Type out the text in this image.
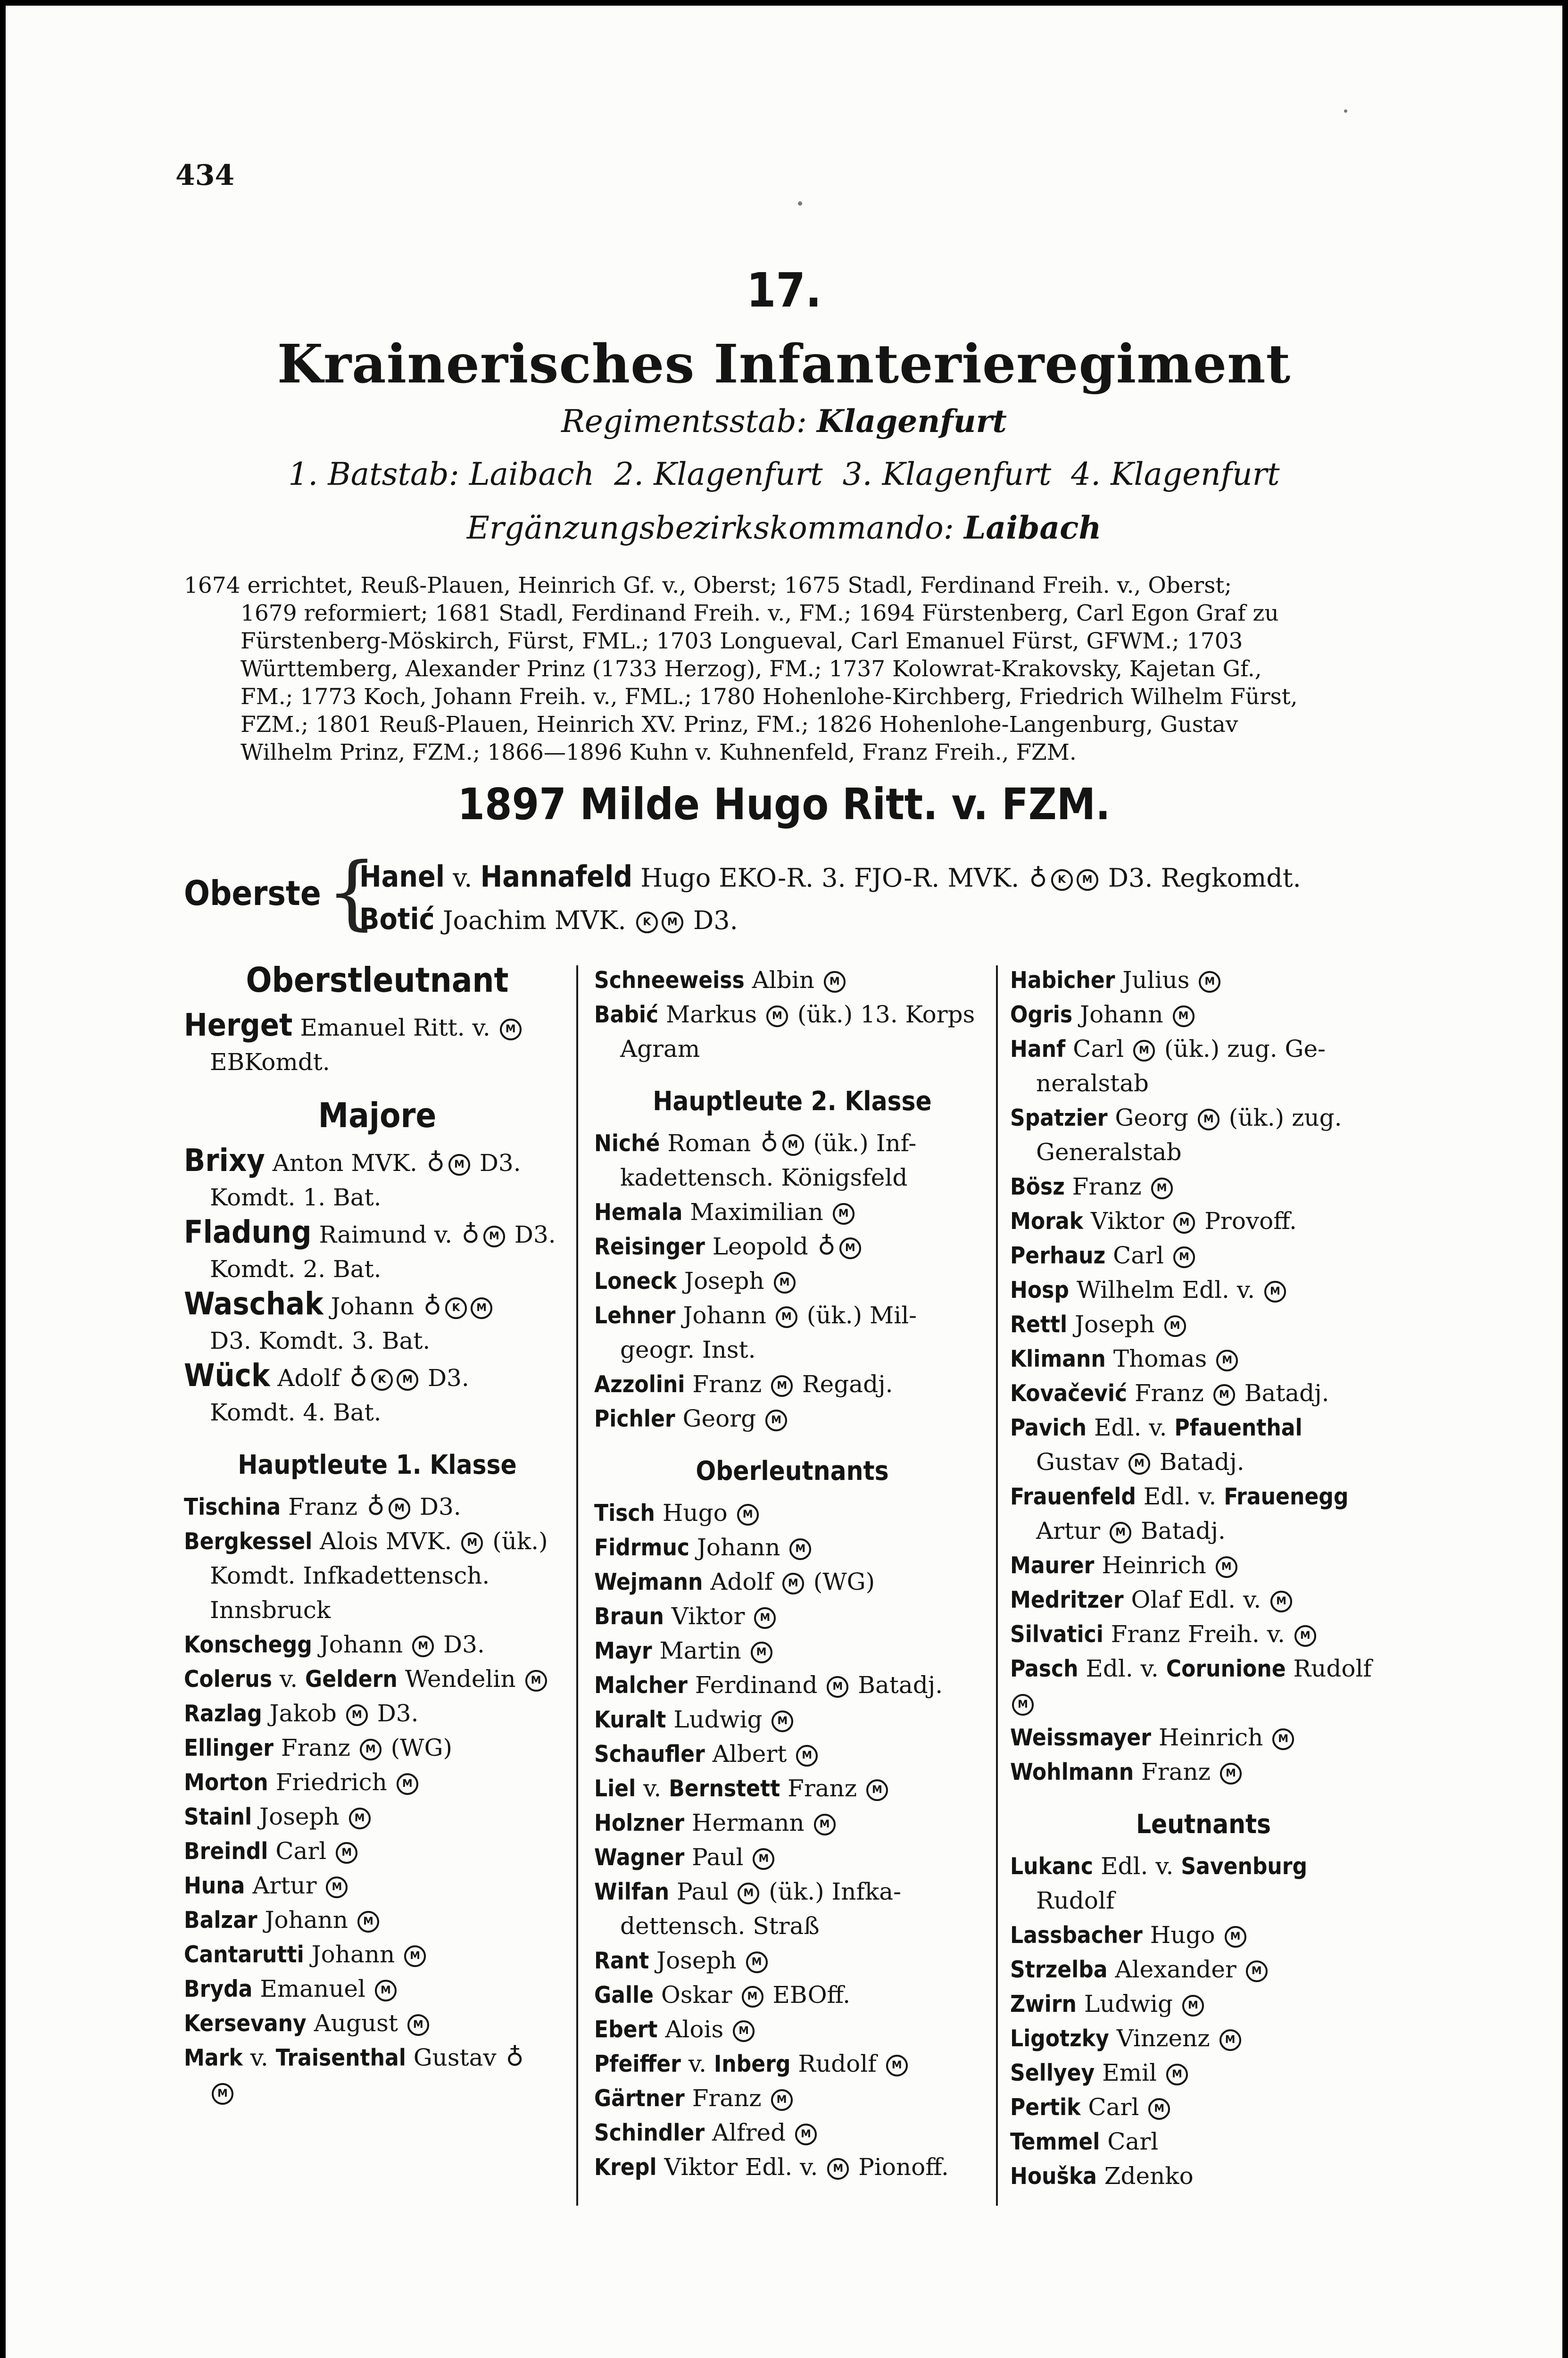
434
17.
Krainerisches Infanterieregiment
Regimentsstab: Klagenfurt
1. Batstab: Laibach  2. Klagenfurt  3. Klagenfurt  4. Klagenfurt
Ergänzungsbezirkskommando: Laibach
1674 errichtet, Reuß-Plauen, Heinrich Gf. v., Oberst; 1675 Stadl, Ferdinand Freih. v., Oberst;
1679 reformiert; 1681 Stadl, Ferdinand Freih. v., FM.; 1694 Fürstenberg, Carl Egon Graf zu
Fürstenberg-Möskirch, Fürst, FML.; 1703 Longueval, Carl Emanuel Fürst, GFWM.; 1703
Württemberg, Alexander Prinz (1733 Herzog), FM.; 1737 Kolowrat-Krakovsky, Kajetan Gf.,
FM.; 1773 Koch, Johann Freih. v., FML.; 1780 Hohenlohe-Kirchberg, Friedrich Wilhelm Fürst,
FZM.; 1801 Reuß-Plauen, Heinrich XV. Prinz, FM.; 1826 Hohenlohe-Langenburg, Gustav
Wilhelm Prinz, FZM.; 1866—1896 Kuhn v. Kuhnenfeld, Franz Freih., FZM.
1897 Milde Hugo Ritt. v. FZM.
Oberste {
Hanel v. Hannafeld Hugo EKO-R. 3. FJO-R. MVK. ♁ K M D3. Regkomdt.
Botić Joachim MVK. K M D3.
Oberstleutnant
Herget Emanuel Ritt. v. M
EBKomdt.
Majore
Brixy Anton MVK. ♁ M D3.
Komdt. 1. Bat.
Fladung Raimund v. ♁ M D3.
Komdt. 2. Bat.
Waschak Johann ♁ K M
D3. Komdt. 3. Bat.
Wück Adolf ♁ K M D3.
Komdt. 4. Bat.
Hauptleute 1. Klasse
Tischina Franz ♁ M D3.
Bergkessel Alois MVK. M (ük.)
Komdt. Infkadettensch. Innsbruck
Konschegg Johann M D3.
Colerus v. Geldern Wendelin M
Razlag Jakob M D3.
Ellinger Franz M (WG)
Morton Friedrich M
Stainl Joseph M
Breindl Carl M
Huna Artur M
Balzar Johann M
Cantarutti Johann M
Bryda Emanuel M
Kersevany August M
Mark v. Traisenthal Gustav ♁
M
Schneeweiss Albin M
Babić Markus M (ük.) 13. Korps
Agram
Hauptleute 2. Klasse
Niché Roman ♁ M (ük.) Inf-
kadettensch. Königsfeld
Hemala Maximilian M
Reisinger Leopold ♁ M
Loneck Joseph M
Lehner Johann M (ük.) Mil-
geogr. Inst.
Azzolini Franz M Regadj.
Pichler Georg M
Oberleutnants
Tisch Hugo M
Fidrmuc Johann M
Wejmann Adolf M (WG)
Braun Viktor M
Mayr Martin M
Malcher Ferdinand M Batadj.
Kuralt Ludwig M
Schaufler Albert M
Liel v. Bernstett Franz M
Holzner Hermann M
Wagner Paul M
Wilfan Paul M (ük.) Infka-
dettensch. Straß
Rant Joseph M
Galle Oskar M EBOff.
Ebert Alois M
Pfeiffer v. Inberg Rudolf M
Gärtner Franz M
Schindler Alfred M
Krepl Viktor Edl. v. M Pionoff.
Habicher Julius M
Ogris Johann M
Hanf Carl M (ük.) zug. Ge-
neralstab
Spatzier Georg M (ük.) zug.
Generalstab
Bösz Franz M
Morak Viktor M Provoff.
Perhauz Carl M
Hosp Wilhelm Edl. v. M
Rettl Joseph M
Klimann Thomas M
Kovačević Franz M Batadj.
Pavich Edl. v. Pfauenthal
Gustav M Batadj.
Frauenfeld Edl. v. Frauenegg
Artur M Batadj.
Maurer Heinrich M
Medritzer Olaf Edl. v. M
Silvatici Franz Freih. v. M
Pasch Edl. v. Corunione Rudolf
M
Weissmayer Heinrich M
Wohlmann Franz M
Leutnants
Lukanc Edl. v. Savenburg
Rudolf
Lassbacher Hugo M
Strzelba Alexander M
Zwirn Ludwig M
Ligotzky Vinzenz M
Sellyey Emil M
Pertik Carl M
Temmel Carl
Houška Zdenko
